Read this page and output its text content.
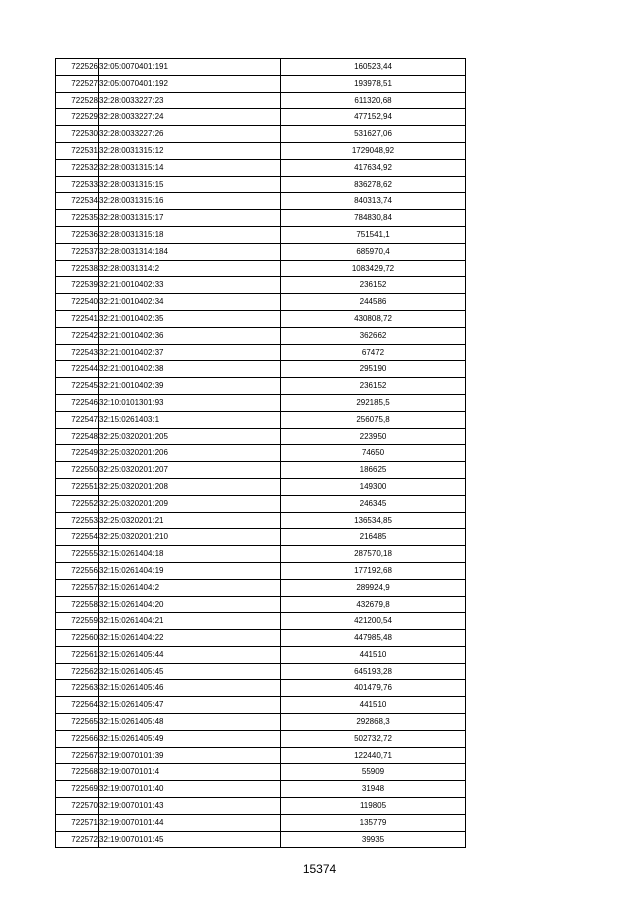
722526	32:05:0070401:191	160523,44
722527	32:05:0070401:192	193978,51
722528	32:28:0033227:23	611320,68
722529	32:28:0033227:24	477152,94
722530	32:28:0033227:26	531627,06
722531	32:28:0031315:12	1729048,92
722532	32:28:0031315:14	417634,92
722533	32:28:0031315:15	836278,62
722534	32:28:0031315:16	840313,74
722535	32:28:0031315:17	784830,84
722536	32:28:0031315:18	751541,1
722537	32:28:0031314:184	685970,4
722538	32:28:0031314:2	1083429,72
722539	32:21:0010402:33	236152
722540	32:21:0010402:34	244586
722541	32:21:0010402:35	430808,72
722542	32:21:0010402:36	362662
722543	32:21:0010402:37	67472
722544	32:21:0010402:38	295190
722545	32:21:0010402:39	236152
722546	32:10:0101301:93	292185,5
722547	32:15:0261403:1	256075,8
722548	32:25:0320201:205	223950
722549	32:25:0320201:206	74650
722550	32:25:0320201:207	186625
722551	32:25:0320201:208	149300
722552	32:25:0320201:209	246345
722553	32:25:0320201:21	136534,85
722554	32:25:0320201:210	216485
722555	32:15:0261404:18	287570,18
722556	32:15:0261404:19	177192,68
722557	32:15:0261404:2	289924,9
722558	32:15:0261404:20	432679,8
722559	32:15:0261404:21	421200,54
722560	32:15:0261404:22	447985,48
722561	32:15:0261405:44	441510
722562	32:15:0261405:45	645193,28
722563	32:15:0261405:46	401479,76
722564	32:15:0261405:47	441510
722565	32:15:0261405:48	292868,3
722566	32:15:0261405:49	502732,72
722567	32:19:0070101:39	122440,71
722568	32:19:0070101:4	55909
722569	32:19:0070101:40	31948
722570	32:19:0070101:43	119805
722571	32:19:0070101:44	135779
722572	32:19:0070101:45	39935
15374
